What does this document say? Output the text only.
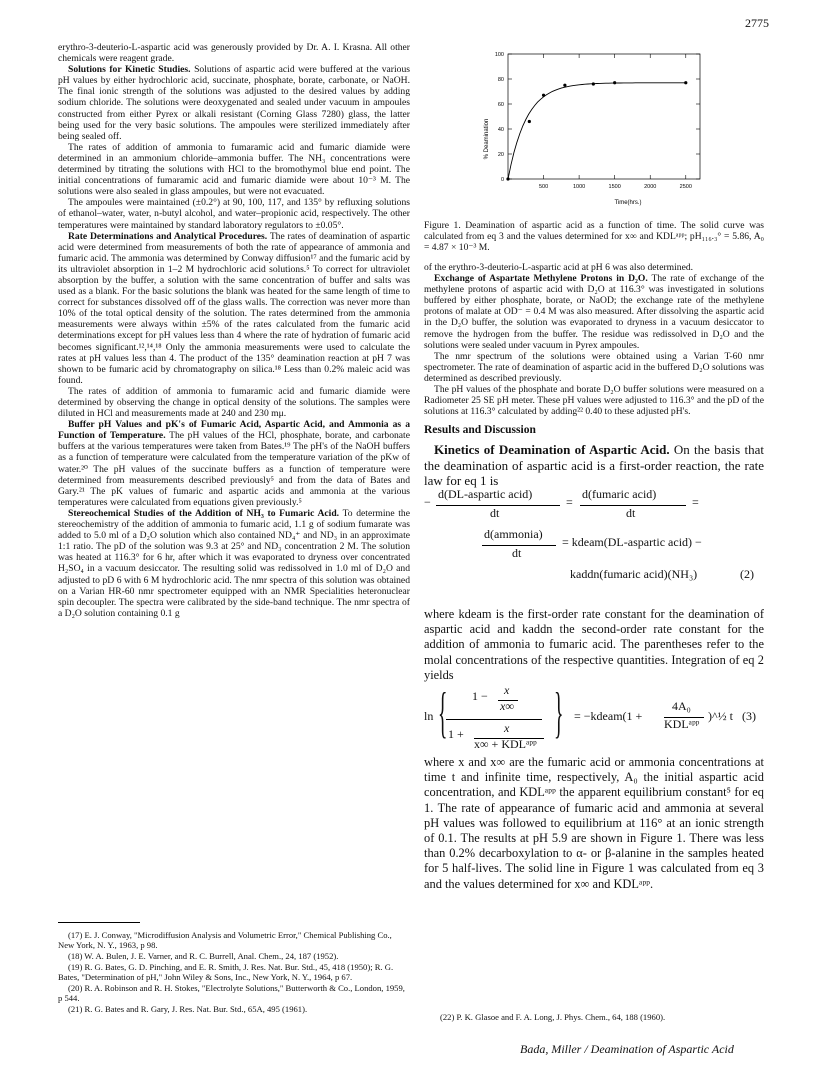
2775

erythro-3-deuterio-L-aspartic acid was generously provided by Dr. A. I. Krasna. All other chemicals were reagent grade.

Solutions for Kinetic Studies. Solutions of aspartic acid were buffered at the various pH values by either hydrochloric acid, succinate, phosphate, borate, carbonate, or NaOH. The final ionic strength of the solutions was adjusted to the desired values by adding sodium chloride. The solutions were deoxygenated and sealed under vacuum in ampoules constructed from either Pyrex or alkali resistant (Corning Glass 7280) glass, the latter being used for the very basic solutions. The ampoules were sterilized immediately after being sealed off.

The rates of addition of ammonia to fumaramic acid and fumaric diamide were determined in an ammonium chloride–ammonia buffer. The NH₃ concentrations were determined by titrating the solutions with HCl to the bromothymol blue end point. The initial concentrations of fumaramic acid and fumaric diamide were about 10⁻³ M. The solutions were also sealed in glass ampoules, but were not evacuated.

The ampoules were maintained (±0.2°) at 90, 100, 117, and 135° by refluxing solutions of ethanol–water, water, n-butyl alcohol, and water–propionic acid, respectively. The other temperatures were maintained by standard laboratory regulators to ±0.05°.

Rate Determinations and Analytical Procedures. The rates of deamination of aspartic acid were determined from measurements of both the rate of appearance of ammonia and fumaric acid. The ammonia was determined by Conway diffusion¹⁷ and the fumaric acid by its ultraviolet absorption in 1–2 M hydrochloric acid solutions.⁵ To correct for ultraviolet absorption by the buffer, a solution with the same concentration of buffer and salts was used as a blank. For the basic solutions the blank was heated for the same length of time to correct for substances dissolved off of the glass walls. The correction was never more than 10% of the total optical density of the solution. The rates determined from the ammonia measurements were always within ±5% of the rates calculated from the fumaric acid determinations except for pH values less than 4 where the rate of hydration of fumaric acid becomes significant.¹²,¹⁴,¹⁸ Only the ammonia measurements were used to calculate the rates at pH values less than 4. The product of the 135° deamination reaction at pH 7 was shown to be fumaric acid by chromatography on silica.¹⁸ Less than 0.2% maleic acid was found.

The rates of addition of ammonia to fumaramic acid and fumaric diamide were determined by observing the change in optical density of the solutions. The samples were diluted in HCl and measurements made at 240 and 230 mμ.

Buffer pH Values and pK's of Fumaric Acid, Aspartic Acid, and Ammonia as a Function of Temperature. The pH values of the HCl, phosphate, borate, and carbonate buffers at the various temperatures were taken from Bates.¹⁹ The pH's of the NaOH buffers as a function of temperature were calculated from the temperature variation of the pKw of water.²⁰ The pH values of the succinate buffers as a function of temperature were determined from measurements described previously⁵ and from the data of Bates and Gary.²¹ The pK values of fumaric and aspartic acids and ammonia at the various temperatures were calculated from equations given previously.⁵

Stereochemical Studies of the Addition of NH₃ to Fumaric Acid. To determine the stereochemistry of the addition of ammonia to fumaric acid, 1.1 g of sodium fumarate was added to 5.0 ml of a D₂O solution which also contained ND₄⁺ and ND₃ in an approximate 1:1 ratio. The pD of the solution was 9.3 at 25° and ND₃ concentration 2 M. The solution was heated at 116.3° for 6 hr, after which it was evaporated to dryness over concentrated H₂SO₄ in a vacuum desiccator. The resulting solid was redissolved in 1.0 ml of D₂O and adjusted to pD 6 with 6 M hydrochloric acid. The nmr spectra of this solution was obtained on a Varian HR-60 nmr spectrometer equipped with an NMR Specialities heteronuclear spin decoupler. The spectra were calibrated by the side-band technique. The nmr spectra of a D₂O solution containing 0.1 g

(17) E. J. Conway, "Microdiffusion Analysis and Volumetric Error," Chemical Publishing Co., New York, N. Y., 1963, p 98.

(18) W. A. Bulen, J. E. Varner, and R. C. Burrell, Anal. Chem., 24, 187 (1952).

(19) R. G. Bates, G. D. Pinching, and E. R. Smith, J. Res. Nat. Bur. Std., 45, 418 (1950); R. G. Bates, "Determination of pH," John Wiley & Sons, Inc., New York, N. Y., 1964, p 67.

(20) R. A. Robinson and R. H. Stokes, "Electrolyte Solutions," Butterworth & Co., London, 1959, p 544.

(21) R. G. Bates and R. Gary, J. Res. Nat. Bur. Std., 65A, 495 (1961).

0
20
40
60
80
100
500	1000	1500	2000	2500
% Deamination
Time(hrs.)
Figure 1. Deamination of aspartic acid as a function of time. The solid curve was calculated from eq 3 and the values determined for x∞ and KDLᵃᵖᵖ; pH₁₁₆.₃° = 5.86, A₀ = 4.87 × 10⁻³ M.

of the erythro-3-deuterio-L-aspartic acid at pH 6 was also determined.

Exchange of Aspartate Methylene Protons in D₂O. The rate of exchange of the methylene protons of aspartic acid with D₂O at 116.3° was investigated in solutions buffered by either phosphate, borate, or NaOD; the exchange rate of the methylene protons of malate at OD⁻ = 0.4 M was also measured. After dissolving the aspartic acid in the D₂O buffer, the solution was evaporated to dryness in a vacuum desiccator to remove the hydrogen from the buffer. The residue was redissolved in D₂O and the solutions were sealed under vacuum in Pyrex ampoules.

The nmr spectrum of the solutions were obtained using a Varian T-60 nmr spectrometer. The rate of deamination of aspartic acid in the buffered D₂O solutions was determined as described previously.

The pH values of the phosphate and borate D₂O buffer solutions were measured on a Radiometer 25 SE pH meter. These pH values were adjusted to 116.3° and the pD of the solutions at 116.3° calculated by adding²² 0.40 to these adjusted pH's.

Results and Discussion

Kinetics of Deamination of Aspartic Acid. On the basis that the deamination of aspartic acid is a first-order reaction, the rate law for eq 1 is

−
d(DL-aspartic acid)
dt
=
d(fumaric acid)
dt
=
d(ammonia)
dt
= kdeam(DL-aspartic acid) −
kaddn(fumaric acid)(NH₃)	(2)

where kdeam is the first-order rate constant for the deamination of aspartic acid and kaddn the second-order rate constant for the addition of ammonia to fumaric acid. The parentheses refer to the molal concentrations of the respective quantities. Integration of eq 2 yields

ln { 1 − x
x∞
1 +	x
x∞ + KDLᵃᵖᵖ } = −kdeam(1 +
4A₀
KDLᵃᵖᵖ
)^½ t (3)

where x and x∞ are the fumaric acid or ammonia concentrations at time t and infinite time, respectively, A₀ the initial aspartic acid concentration, and KDLᵃᵖᵖ the apparent equilibrium constant⁵ for eq 1. The rate of appearance of fumaric acid and ammonia at several pH values was followed to equilibrium at 116° at an ionic strength of 0.1. The results at pH 5.9 are shown in Figure 1. There was less than 0.2% decarboxylation to α- or β-alanine in the samples heated for 5 half-lives. The solid line in Figure 1 was calculated from eq 3 and the values determined for x∞ and KDLᵃᵖᵖ.

(22) P. K. Glasoe and F. A. Long, J. Phys. Chem., 64, 188 (1960).

Bada, Miller / Deamination of Aspartic Acid
